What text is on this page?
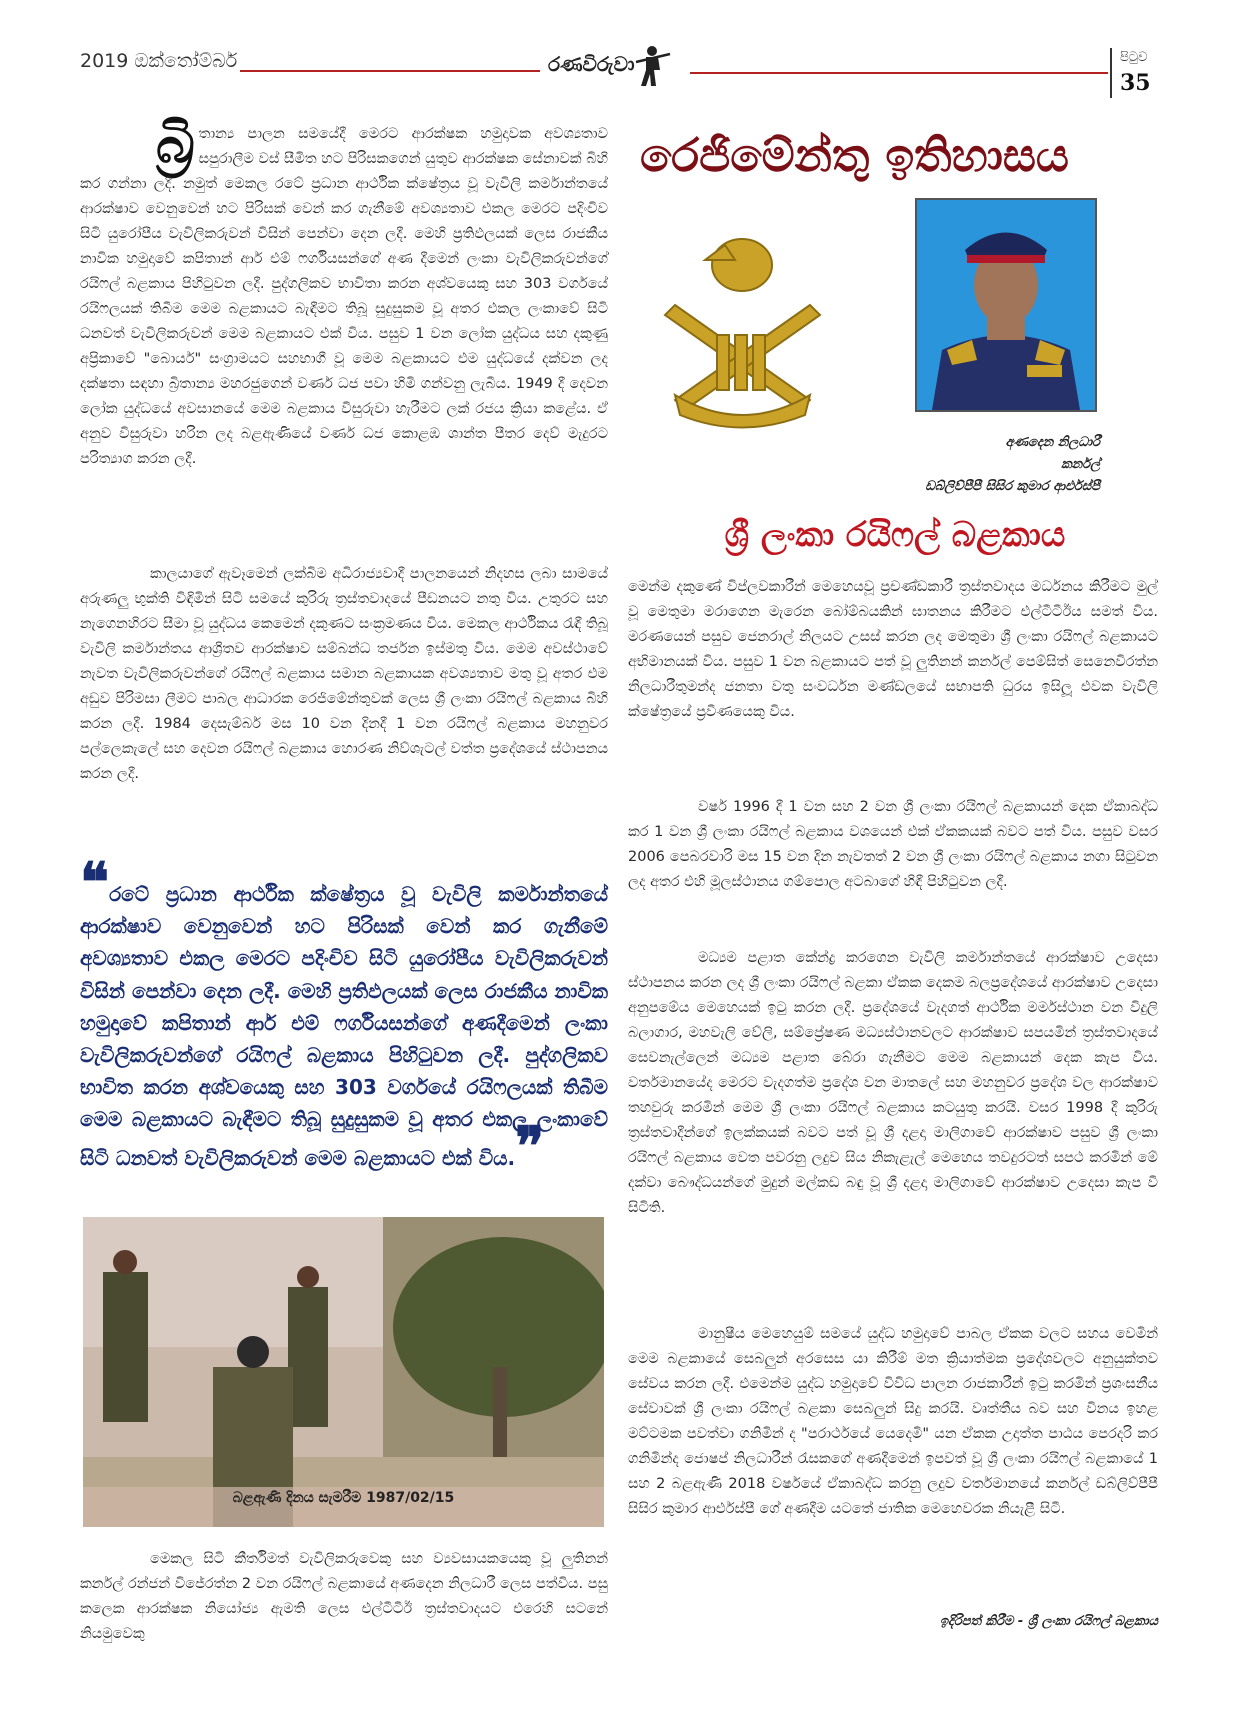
2019 ඔක්තෝම්බර්	රණවිරුවා	පිටුව
35
බ්‍රි තාන්‍ය පාලන සමයේදී මෙරට ආරක්ෂක හමුදාවක අවශ්‍යතාව සපුරාලීම වස් සීමිත හට පිරිසකගෙන් යුතුව ආරක්ෂක සේනාවක් බිහි කර ගන්නා ලදී. නමුත් මෙකල රටේ ප්‍රධාන ආර්ථික ක්ෂේත්‍රය වූ වැවිලි කර්මාන්තයේ ආරක්ෂාව වෙනුවෙන් හට පිරිසක් වෙන් කර ගැනීමේ අවශ්‍යතාව එකල මෙරට පදිංචිව සිටි යුරෝපීය වැවිලිකරුවන් විසින් පෙන්වා දෙන ලදී. මෙහි ප්‍රතිඵලයක් ලෙස රාජකීය නාවික හමුදාවේ කපිතාන් ආර් එම් ෆර්ගියසන්ගේ අණ දීමෙන් ලංකා වැවිලිකරුවන්ගේ රයිෆල් බළකාය පිහිටුවන ලදී. පුද්ගලිකව භාවිතා කරන අශ්වයෙකු සහ 303 වර්ගයේ රයිෆලයක් තිබීම මෙම බළකායට බැඳීමට තිබූ සුදුසුකම වූ අතර එකල ලංකාවේ සිටි ධනවත් වැවිලිකරුවන් මෙම බළකායට එක් විය. පසුව 1 වන ලෝක යුද්ධය සහ දකුණු අප්‍රිකාවේ "බොයර්" සංග්‍රාමයට සහභාගී වූ මෙම බළකායට එම යුද්ධයේ දක්වන ලද දක්ෂතා සඳහා බ්‍රිතාන්‍ය මහරජුගෙන් වර්ණ ධජ පවා හිමි ගන්වනු ලැබීය. 1949 දී දෙවන ලෝක යුද්ධයේ අවසානයේ මෙම බළකාය විසුරුවා හැරීමට ලක් රජය ක්‍රියා කළේය. ඒ අනුව විසුරුවා හරින ලද බළඇණියේ වර්ණ ධජ කොළඹ ශාන්ත පීතර දෙව් මැදුරට පරිත්‍යාග කරන ලදී.

කාලයාගේ ඇවෑමෙන් ලක්බිම අධිරාජ්‍යවාදී පාලනයෙන් නිදහස ලබා සාමයේ අරුණලු භුක්ති විඳිමින් සිටි සමයේ කුරිරු ත්‍රස්තවාදයේ පීඩනයට නතු විය. උතුරට සහ නැගෙනහිරට සීමා වූ යුද්ධය කෙමෙන් දකුණට සංක්‍රමණය විය. මෙකල ආර්ථිකය රැඳී තිබූ වැවිලි කර්මාන්තය ආශ්‍රිතව ආරක්ෂාව සම්බන්ධ තර්ජන ඉස්මතු විය. මෙම අවස්ථාවේ නැවත වැවිලිකරුවන්ගේ රයිෆල් බළකාය සමාන බළකායක අවශ්‍යතාව මතු වූ අතර එම අඩුව පිරිමසා ලීමට පාබල ආධාරක රෙජිමේන්තුවක් ලෙස ශ්‍රී ලංකා රයිෆල් බළකාය බිහි කරන ලදී. 1984 දෙසැම්බර් මස 10 වන දිනදී 1 වන රයිෆල් බළකාය මහනුවර පල්ලෙකැලේ සහ දෙවන රයිෆල් බළකාය හොරණ නිව්ශැටල් වත්ත ප්‍රදේශයේ ස්ථාපනය කරන ලදී.

❝රටේ ප්‍රධාන ආර්ථික ක්ෂේත්‍රය වූ වැවිලි කර්මාන්තයේ ආරක්ෂාව වෙනුවෙන් හට පිරිසක් වෙන් කර ගැනීමේ අවශ්‍යතාව එකල මෙරට පදිංචිව සිටි යුරෝපීය වැවිලිකරුවන් විසින් පෙන්වා දෙන ලදී. මෙහි ප්‍රතිඵලයක් ලෙස රාජකීය නාවික හමුදාවේ කපිතාන් ආර් එම් ෆර්ගියසන්ගේ අණදීමෙන් ලංකා වැවිලිකරුවන්ගේ රයිෆල් බළකාය පිහිටුවන ලදී. පුද්ගලිකව භාවිත කරන අශ්වයෙකු සහ 303 වර්ගයේ රයිෆලයක් තිබීම මෙම බළකායට බැඳීමට තිබූ සුදුසුකම වූ අතර එකල ලංකාවේ සිටි ධනවත් වැවිලිකරුවන් මෙම බළකායට එක් විය.❞
බළඇණි දිනය සැමරීම 1987/02/15

මෙකල සිටි කීර්තිමත් වැවිලිකරුවෙකු සහ ව්‍යවසායකයෙකු වූ ලුතිනන් කර්නල් රන්ජන් විජේරත්න 2 වන රයිෆල් බළකායේ අණදෙන නිලධාරී ලෙස පත්විය. පසු කලෙක ආරක්ෂක නියෝජ්‍ය ඇමති ලෙස එල්ටීටීඊ ත්‍රස්තවාදයට එරෙහි සටනේ නියමුවෙකු

රෙජිමේන්තු ඉතිහාසය
අණදෙන නිලධාරී
කර්නල්
ඩබ්ලිව්පීපී සිසිර කුමාර ආර්එස්පී
ශ්‍රී ලංකා රයිෆල් බළකාය

මෙන්ම දකුණේ විප්ලවකාරීන් මෙහෙයවූ ප්‍රචණ්ඩකාරී ත්‍රස්තවාදය මර්ධනය කිරීමට මුල් වූ මෙතුමා මරාගෙන මැරෙන බෝම්බයකින් ඝාතනය කිරීමට එල්ටීටීඊය සමත් විය. මරණයෙන් පසුව ජෙනරාල් නිලයට උසස් කරන ලද මෙතුමා ශ්‍රී ලංකා රයිෆල් බළකායට අභිමානයක් විය. පසුව 1 වන බළකායට පත් වූ ලුතිනන් කර්නල් පෙම්සිත් සෙනෙවිරත්න නිලධාරීතුමන්ද ජනතා වතු සංවර්ධන මණ්ඩලයේ සභාපති ධුරය ඉසිලූ එවක වැවිලි ක්ෂේත්‍රයේ ප්‍රවීණයෙකු විය.

වර්ෂ 1996 දී 1 වන සහ 2 වන ශ්‍රී ලංකා රයිෆල් බළකායන් දෙක ඒකාබද්ධ කර 1 වන ශ්‍රී ලංකා රයිෆල් බළකාය වශයෙන් එක් ඒකකයක් බවට පත් විය. පසුව වසර 2006 පෙබරවාරි මස 15 වන දින නැවතත් 2 වන ශ්‍රී ලංකා රයිෆල් බළකාය නගා සිටුවන ලද අතර එහි මූලස්ථානය ගම්පොල අටබාගේ හිඳී පිහිටුවන ලදී.

මධ්‍යම පළාත කේන්ද්‍ර කරගෙන වැවිලි කර්මාන්තයේ ආරක්ෂාව උදෙසා ස්ථාපනය කරන ලද ශ්‍රී ලංකා රයිෆල් බළකා ඒකක දෙකම බලප්‍රදේශයේ ආරක්ෂාව උදෙසා අනුපමේය මෙහෙයක් ඉටු කරන ලදී. ප්‍රදේශයේ වැදගත් ආර්ථික මර්මස්ථාන වන විදුලි බලාගාර, මහවැලි වේලි, සම්ප්‍රේෂණ මධ්‍යස්ථානවලට ආරක්ෂාව සපයමින් ත්‍රස්තවාදයේ සෙවනැල්ලෙන් මධ්‍යම පළාත බේරා ගැනීමට මෙම බළකායන් දෙක කැප විය. වර්තමානයේද මෙරට වැදගත්ම ප්‍රදේශ වන මාතලේ සහ මහනුවර ප්‍රදේශ වල ආරක්ෂාව තහවුරු කරමින් මෙම ශ්‍රී ලංකා රයිෆල් බළකාය කටයුතු කරයි. වසර 1998 දී කුරිරු ත්‍රස්තවාදීන්ගේ ඉලක්කයක් බවට පත් වූ ශ්‍රී දළදා මාලිගාවේ ආරක්ෂාව පසුව ශ්‍රී ලංකා රයිෆල් බළකාය වෙත පවරනු ලදුව සිය නිකැළැල් මෙහෙය තවදුරටත් සපථ කරමින් මේ දක්වා බෞද්ධයන්ගේ මුදුන් මල්කඩ බඳු වූ ශ්‍රී දළදා මාලිගාවේ ආරක්ෂාව උදෙසා කැප වී සිටිති.

මානුෂීය මෙහෙයුම් සමයේ යුද්ධ හමුදාවේ පාබල ඒකක වලට සහය වෙමින් මෙම බළකායේ සෙබලුන් අරසෙස යා කිරීම් මත ක්‍රියාත්මක ප්‍රදේශවලට අනුයුක්තව සේවය කරන ලදී. එමෙන්ම යුද්ධ හමුදාවේ විවිධ පාලන රාජකාරීන් ඉටු කරමින් ප්‍රශංසනීය සේවාවක් ශ්‍රී ලංකා රයිෆල් බළකා සෙබලුන් සිදු කරයි. වෘත්තීය බව සහ විනය ඉහළ මට්ටමක පවත්වා ගනිමින් ද "පරාර්ථයේ යෙදෙමි" යන ඒකක උදාත්ත පාඨය පෙරදරි කර ගනිමින්ද ජොෂප් නිලධාරීන් රැසකගේ අණදීමෙන් ඉපවත් වූ ශ්‍රී ලංකා රයිෆල් බළකායේ 1 සහ 2 බළඇණි 2018 වර්ෂයේ ඒකාබද්ධ කරනු ලදුව වර්තමානයේ කර්නල් ඩබ්ලිව්පීපී සිසිර කුමාර ආර්එස්පී ගේ අණදීම යටතේ ජාතික මෙහෙවරක නියැළී සිටී.

ඉදිරිපත් කිරීම - ශ්‍රී ලංකා රයිෆල් බළකාය
